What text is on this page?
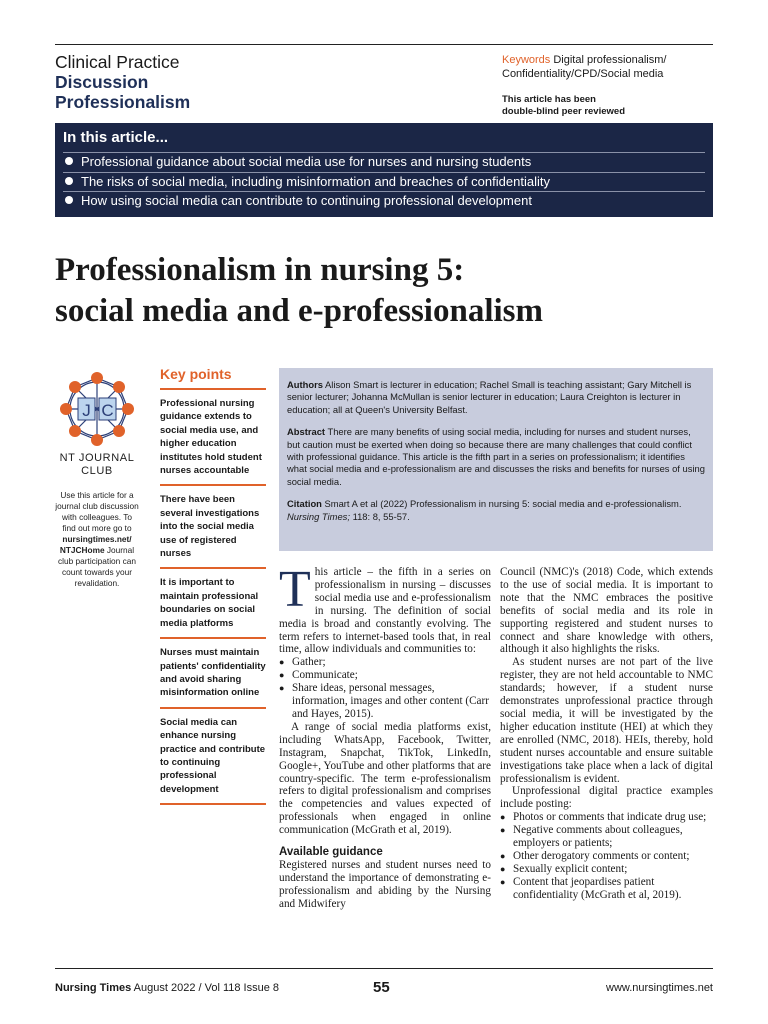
Clinical Practice
Discussion
Professionalism
Keywords Digital professionalism/ Confidentiality/CPD/Social media
This article has been
double-blind peer reviewed
In this article...
Professional guidance about social media use for nurses and nursing students
The risks of social media, including misinformation and breaches of confidentiality
How using social media can contribute to continuing professional development
Professionalism in nursing 5:
social media and e-professionalism
J C
NT JOURNAL
CLUB
Use this article for a journal club discussion with colleagues. To find out more go to nursingtimes.net/ NTJCHome Journal club participation can count towards your revalidation.
Key points
Professional nursing guidance extends to social media use, and higher education institutes hold student nurses accountable
There have been several investigations into the social media use of registered nurses
It is important to maintain professional boundaries on social media platforms
Nurses must maintain patients' confidentiality and avoid sharing misinformation online
Social media can enhance nursing practice and contribute to continuing professional development

Authors Alison Smart is lecturer in education; Rachel Small is teaching assistant; Gary Mitchell is senior lecturer; Johanna McMullan is senior lecturer in education; Laura Creighton is lecturer in education; all at Queen's University Belfast.

Abstract There are many benefits of using social media, including for nurses and student nurses, but caution must be exerted when doing so because there are many challenges that could conflict with professional guidance. This article is the fifth part in a series on professionalism; it identifies what social media and e-professionalism are and discusses the risks and benefits for nurses of using social media.

Citation Smart A et al (2022) Professionalism in nursing 5: social media and e-professionalism. Nursing Times; 118: 8, 55-57.

This article – the fifth in a series on professionalism in nursing – discusses social media use and e-professionalism in nursing. The definition of social media is broad and constantly evolving. The term refers to internet-based tools that, in real time, allow individuals and communities to:

● Gather;
● Communicate;
● Share ideas, personal messages, information, images and other content (Carr and Hayes, 2015).

A range of social media platforms exist, including WhatsApp, Facebook, Twitter, Instagram, Snapchat, TikTok, LinkedIn, Google+, YouTube and other platforms that are country-specific. The term e-professionalism refers to digital professionalism and comprises the competencies and values expected of professionals when engaged in online communication (McGrath et al, 2019).

Available guidance

Registered nurses and student nurses need to understand the importance of demonstrating e-professionalism and abiding by the Nursing and Midwifery

Council (NMC)'s (2018) Code, which extends to the use of social media. It is important to note that the NMC embraces the positive benefits of social media and its role in supporting registered and student nurses to connect and share knowledge with others, although it also highlights the risks.

As student nurses are not part of the live register, they are not held accountable to NMC standards; however, if a student nurse demonstrates unprofessional practice through social media, it will be investigated by the higher education institute (HEI) at which they are enrolled (NMC, 2018). HEIs, thereby, hold student nurses accountable and ensure suitable investigations take place when a lack of digital professionalism is evident.

Unprofessional digital practice examples include posting:

● Photos or comments that indicate drug use;
● Negative comments about colleagues, employers or patients;
● Other derogatory comments or content;
● Sexually explicit content;
● Content that jeopardises patient confidentiality (McGrath et al, 2019).
Nursing Times August 2022 / Vol 118 Issue 8	55	www.nursingtimes.net
